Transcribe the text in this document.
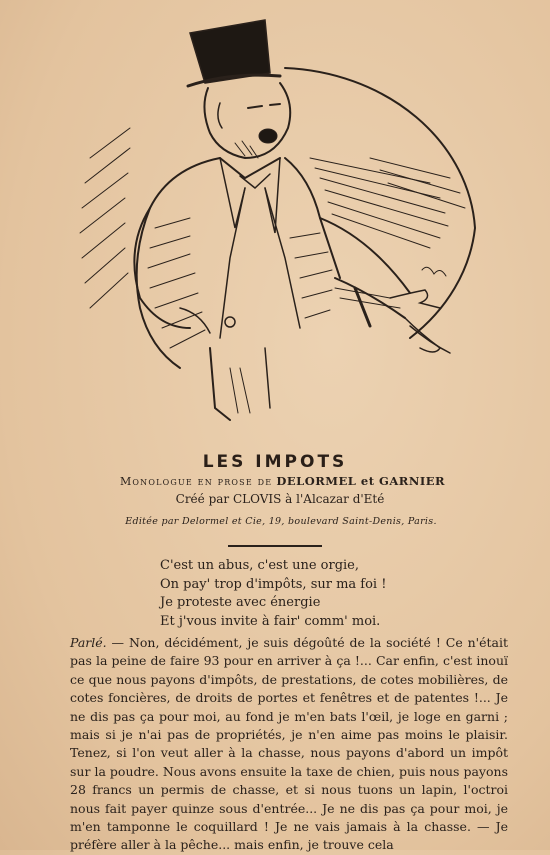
LES IMPOTS
Monologue en prose de DELORMEL et GARNIER
Créé par CLOVIS à l'Alcazar d'Eté
Editée par Delormel et Cie, 19, boulevard Saint-Denis, Paris.
C'est un abus, c'est une orgie,
On pay' trop d'impôts, sur ma foi !
Je proteste avec énergie
Et j'vous invite à fair' comm' moi.
Parlé. — Non, décidément, je suis dégoûté de la société ! Ce n'était pas la peine de faire 93 pour en arriver à ça !... Car enfin, c'est inouï ce que nous payons d'impôts, de prestations, de cotes mobilières, de cotes foncières, de droits de portes et fenêtres et de patentes !... Je ne dis pas ça pour moi, au fond je m'en bats l'œil, je loge en garni ; mais si je n'ai pas de propriétés, je n'en aime pas moins le plaisir. Tenez, si l'on veut aller à la chasse, nous payons d'abord un impôt sur la poudre. Nous avons ensuite la taxe de chien, puis nous payons 28 francs un permis de chasse, et si nous tuons un lapin, l'octroi nous fait payer quinze sous d'entrée... Je ne dis pas ça pour moi, je m'en tamponne le coquillard ! Je ne vais jamais à la chasse. — Je préfère aller à la pêche... mais enfin, je trouve cela
